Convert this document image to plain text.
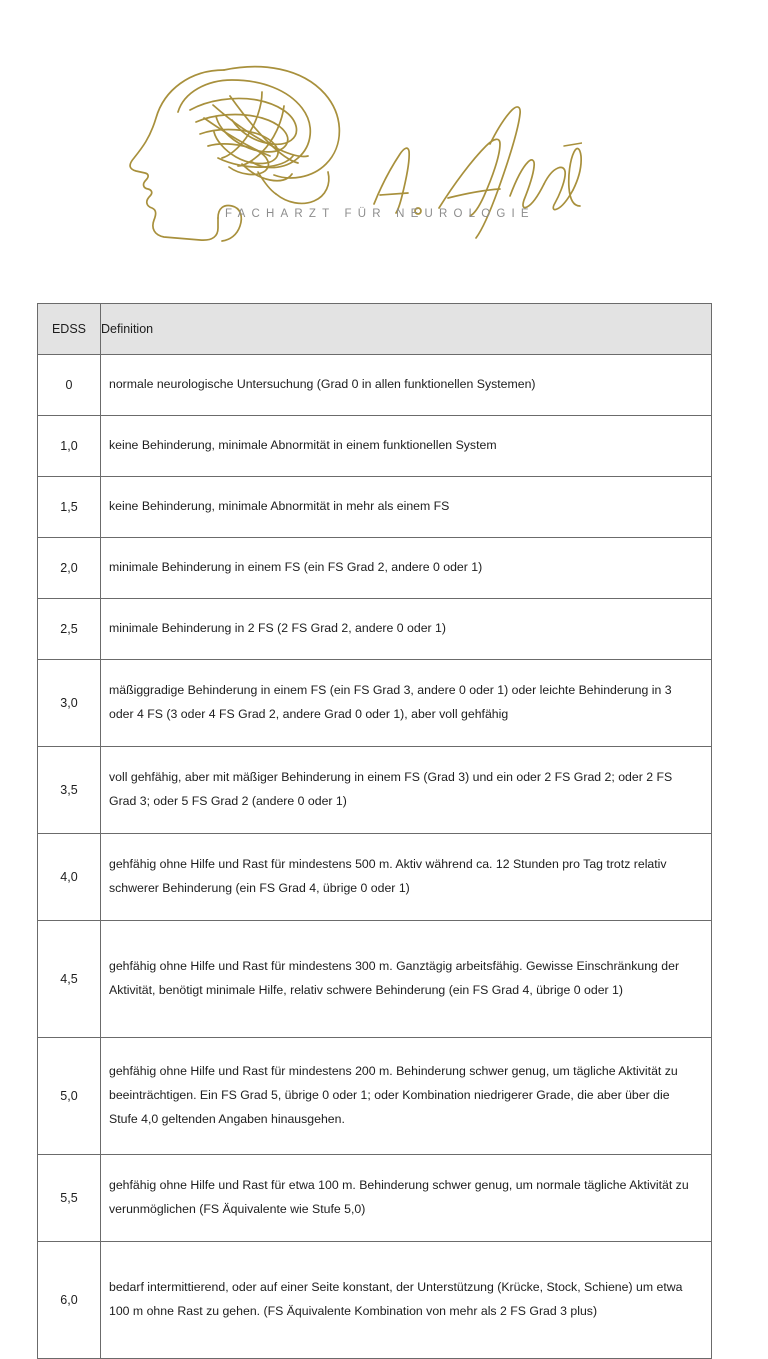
FACHARZT FÜR NEUROLOGIE
EDSS	Definition
0	normale neurologische Untersuchung (Grad 0 in allen funktionellen Systemen)
1,0	keine Behinderung, minimale Abnormität in einem funktionellen System
1,5	keine Behinderung, minimale Abnormität in mehr als einem FS
2,0	minimale Behinderung in einem FS (ein FS Grad 2, andere 0 oder 1)
2,5	minimale Behinderung in 2 FS (2 FS Grad 2, andere 0 oder 1)
3,0	mäßiggradige Behinderung in einem FS (ein FS Grad 3, andere 0 oder 1) oder leichte Behinderung in 3 oder 4 FS (3 oder 4 FS Grad 2, andere Grad 0 oder 1), aber voll gehfähig
3,5	voll gehfähig, aber mit mäßiger Behinderung in einem FS (Grad 3) und ein oder 2 FS Grad 2; oder 2 FS Grad 3; oder 5 FS Grad 2 (andere 0 oder 1)
4,0	gehfähig ohne Hilfe und Rast für mindestens 500 m. Aktiv während ca. 12 Stunden pro Tag trotz relativ schwerer Behinderung (ein FS Grad 4, übrige 0 oder 1)
4,5	gehfähig ohne Hilfe und Rast für mindestens 300 m. Ganztägig arbeitsfähig. Gewisse Einschränkung der Aktivität, benötigt minimale Hilfe, relativ schwere Behinderung (ein FS Grad 4, übrige 0 oder 1)
5,0	gehfähig ohne Hilfe und Rast für mindestens 200 m. Behinderung schwer genug, um tägliche Aktivität zu beeinträchtigen. Ein FS Grad 5, übrige 0 oder 1; oder Kombination niedrigerer Grade, die aber über die Stufe 4,0 geltenden Angaben hinausgehen.
5,5	gehfähig ohne Hilfe und Rast für etwa 100 m. Behinderung schwer genug, um normale tägliche Aktivität zu verunmöglichen (FS Äquivalente wie Stufe 5,0)
6,0	bedarf intermittierend, oder auf einer Seite konstant, der Unterstützung (Krücke, Stock, Schiene) um etwa 100 m ohne Rast zu gehen. (FS Äquivalente Kombination von mehr als 2 FS Grad 3 plus)
